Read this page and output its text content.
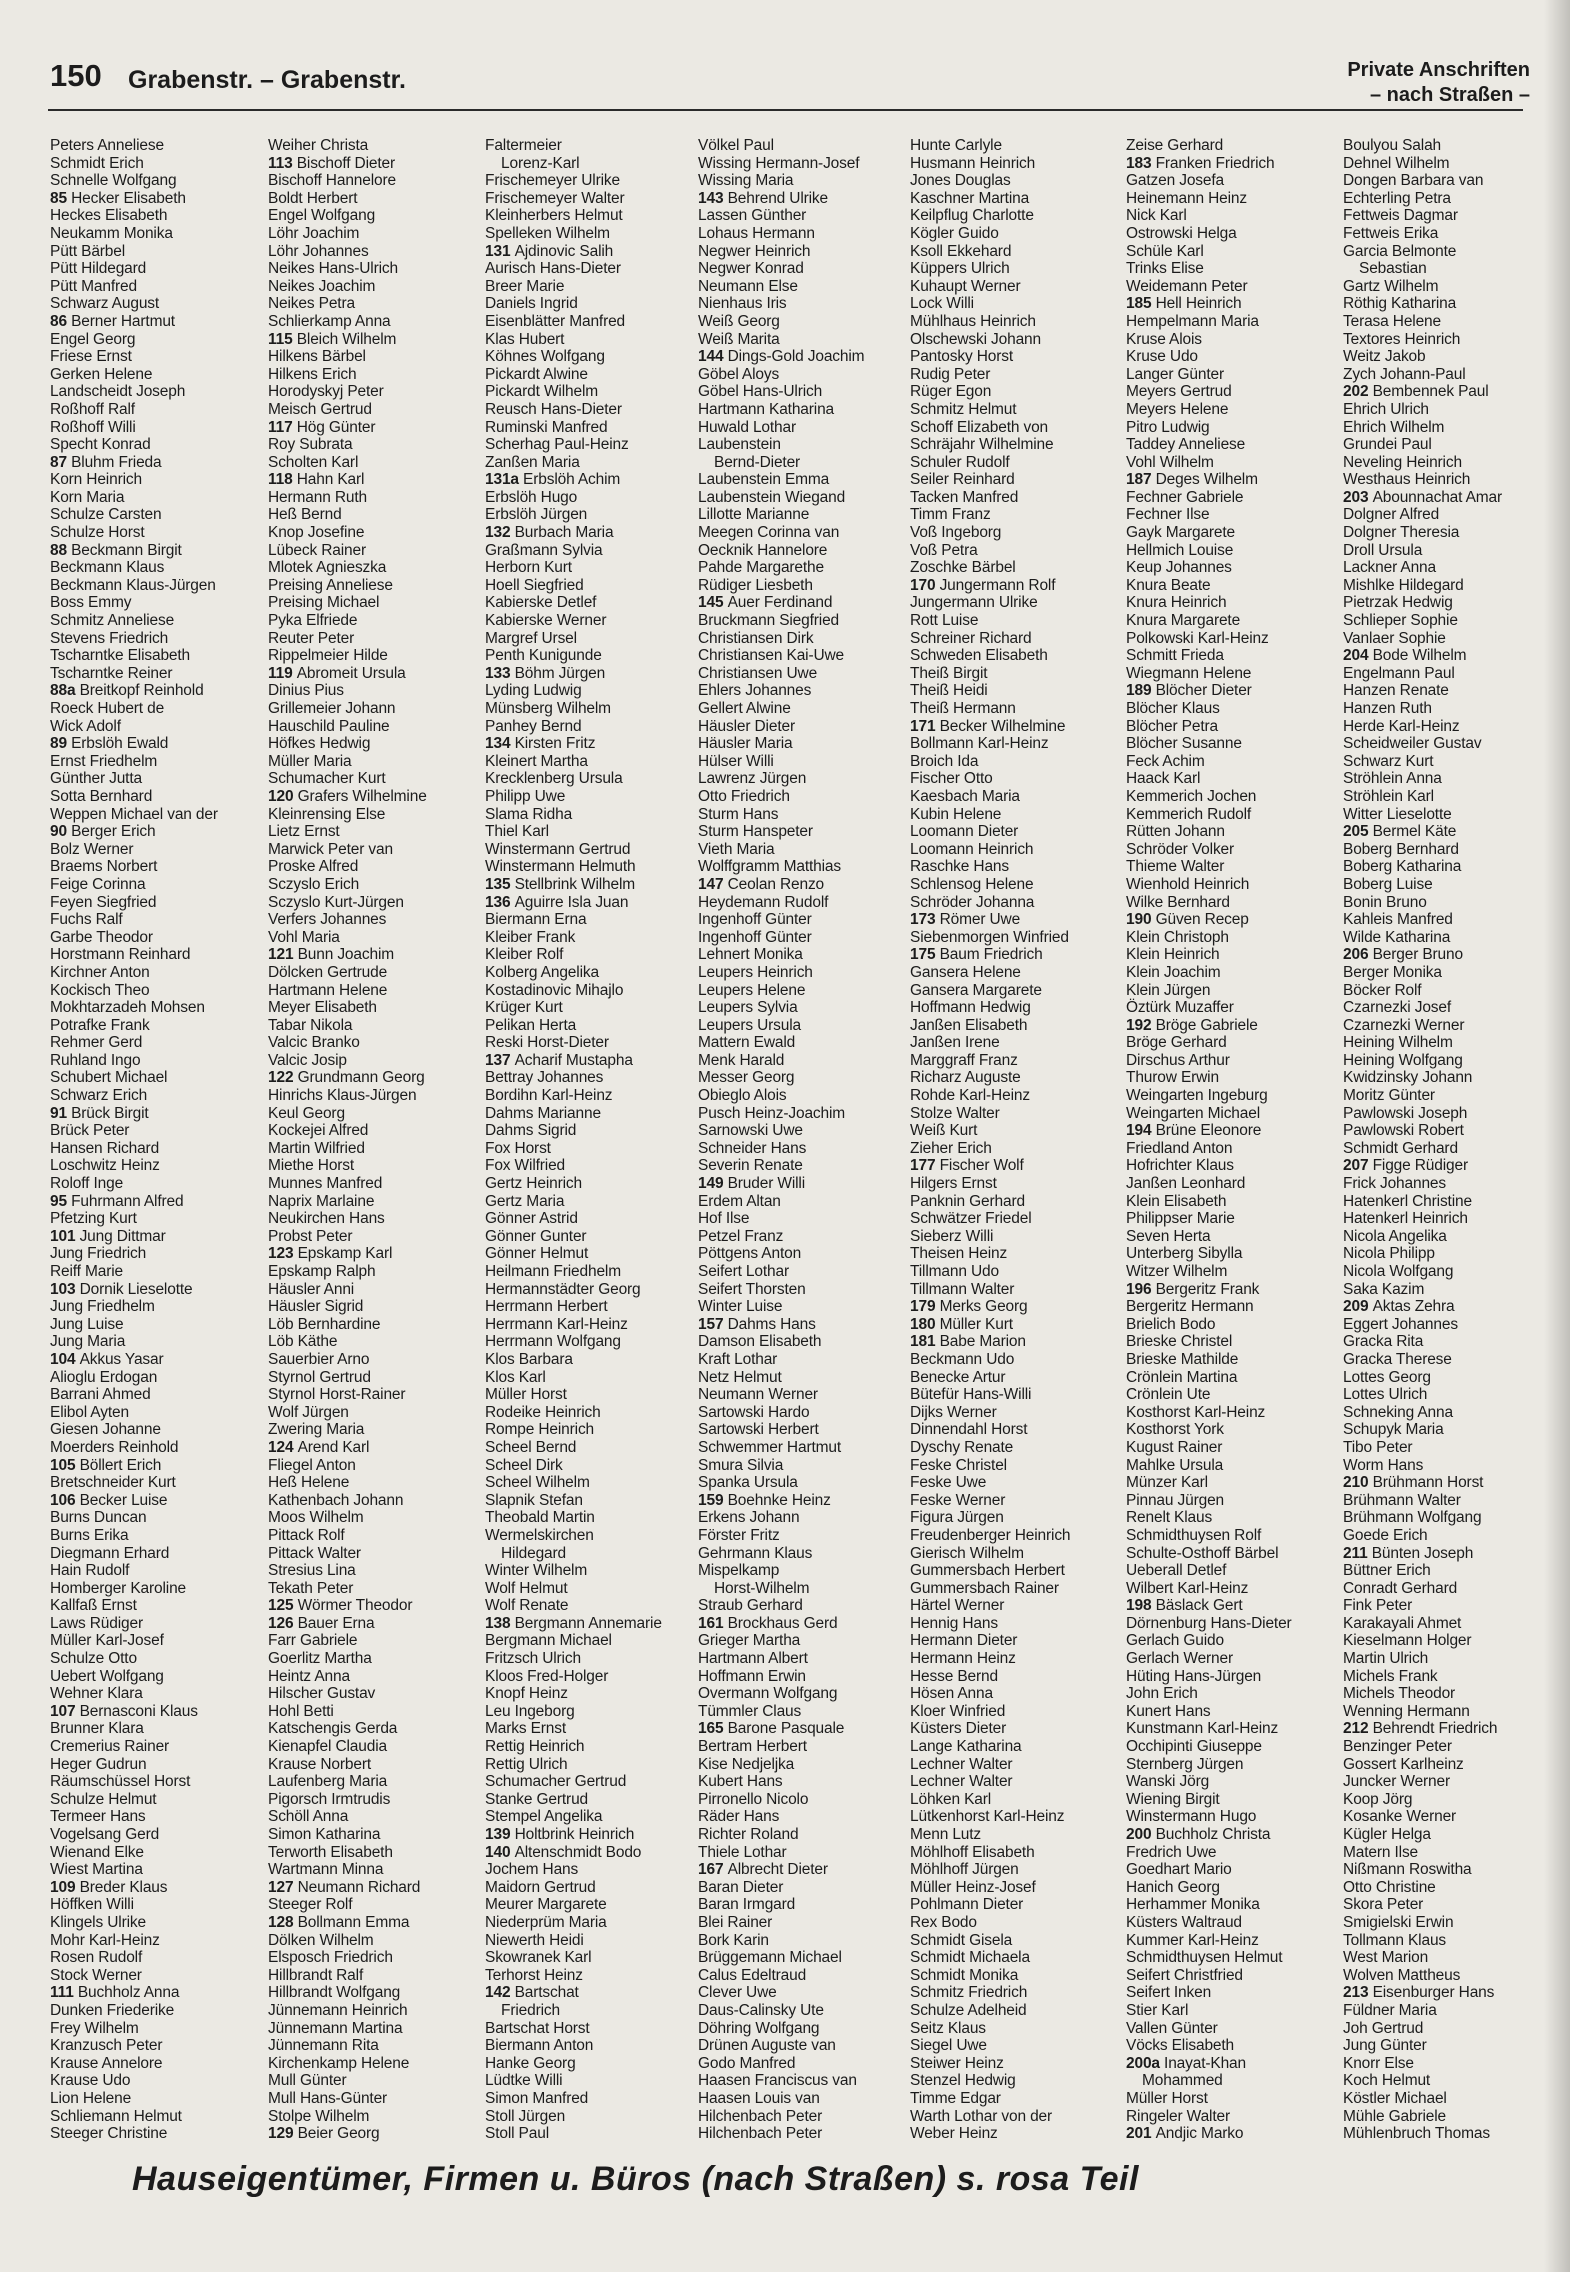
150 Grabenstr. – Grabenstr.	Private Anschriften
– nach Straßen –
Peters Anneliese
Schmidt Erich
Schnelle Wolfgang
85 Hecker Elisabeth
Heckes Elisabeth
Neukamm Monika
Pütt Bärbel
Pütt Hildegard
Pütt Manfred
Schwarz August
86 Berner Hartmut
Engel Georg
Friese Ernst
Gerken Helene
Landscheidt Joseph
Roßhoff Ralf
Roßhoff Willi
Specht Konrad
87 Bluhm Frieda
Korn Heinrich
Korn Maria
Schulze Carsten
Schulze Horst
88 Beckmann Birgit
Beckmann Klaus
Beckmann Klaus-Jürgen
Boss Emmy
Schmitz Anneliese
Stevens Friedrich
Tscharntke Elisabeth
Tscharntke Reiner
88a Breitkopf Reinhold
Roeck Hubert de
Wick Adolf
89 Erbslöh Ewald
Ernst Friedhelm
Günther Jutta
Sotta Bernhard
Weppen Michael van der
90 Berger Erich
Bolz Werner
Braems Norbert
Feige Corinna
Feyen Siegfried
Fuchs Ralf
Garbe Theodor
Horstmann Reinhard
Kirchner Anton
Kockisch Theo
Mokhtarzadeh Mohsen
Potrafke Frank
Rehmer Gerd
Ruhland Ingo
Schubert Michael
Schwarz Erich
91 Brück Birgit
Brück Peter
Hansen Richard
Loschwitz Heinz
Roloff Inge
95 Fuhrmann Alfred
Pfetzing Kurt
101 Jung Dittmar
Jung Friedrich
Reiff Marie
103 Dornik Lieselotte
Jung Friedhelm
Jung Luise
Jung Maria
104 Akkus Yasar
Alioglu Erdogan
Barrani Ahmed
Elibol Ayten
Giesen Johanne
Moerders Reinhold
105 Böllert Erich
Bretschneider Kurt
106 Becker Luise
Burns Duncan
Burns Erika
Diegmann Erhard
Hain Rudolf
Homberger Karoline
Kallfaß Ernst
Laws Rüdiger
Müller Karl-Josef
Schulze Otto
Uebert Wolfgang
Wehner Klara
107 Bernasconi Klaus
Brunner Klara
Cremerius Rainer
Heger Gudrun
Räumschüssel Horst
Schulze Helmut
Termeer Hans
Vogelsang Gerd
Wienand Elke
Wiest Martina
109 Breder Klaus
Höffken Willi
Klingels Ulrike
Mohr Karl-Heinz
Rosen Rudolf
Stock Werner
111 Buchholz Anna
Dunken Friederike
Frey Wilhelm
Kranzusch Peter
Krause Annelore
Krause Udo
Lion Helene
Schliemann Helmut
Steeger Christine
Weiher Christa
113 Bischoff Dieter
Bischoff Hannelore
Boldt Herbert
Engel Wolfgang
Löhr Joachim
Löhr Johannes
Neikes Hans-Ulrich
Neikes Joachim
Neikes Petra
Schlierkamp Anna
115 Bleich Wilhelm
Hilkens Bärbel
Hilkens Erich
Horodyskyj Peter
Meisch Gertrud
117 Hög Günter
Roy Subrata
Scholten Karl
118 Hahn Karl
Hermann Ruth
Heß Bernd
Knop Josefine
Lübeck Rainer
Mlotek Agnieszka
Preising Anneliese
Preising Michael
Pyka Elfriede
Reuter Peter
Rippelmeier Hilde
119 Abromeit Ursula
Dinius Pius
Grillemeier Johann
Hauschild Pauline
Höfkes Hedwig
Müller Maria
Schumacher Kurt
120 Grafers Wilhelmine
Kleinrensing Else
Lietz Ernst
Marwick Peter van
Proske Alfred
Sczyslo Erich
Sczyslo Kurt-Jürgen
Verfers Johannes
Vohl Maria
121 Bunn Joachim
Dölcken Gertrude
Hartmann Helene
Meyer Elisabeth
Tabar Nikola
Valcic Branko
Valcic Josip
122 Grundmann Georg
Hinrichs Klaus-Jürgen
Keul Georg
Kockejei Alfred
Martin Wilfried
Miethe Horst
Munnes Manfred
Naprix Marlaine
Neukirchen Hans
Probst Peter
123 Epskamp Karl
Epskamp Ralph
Häusler Anni
Häusler Sigrid
Löb Bernhardine
Löb Käthe
Sauerbier Arno
Styrnol Gertrud
Styrnol Horst-Rainer
Wolf Jürgen
Zwering Maria
124 Arend Karl
Fliegel Anton
Heß Helene
Kathenbach Johann
Moos Wilhelm
Pittack Rolf
Pittack Walter
Stresius Lina
Tekath Peter
125 Wörmer Theodor
126 Bauer Erna
Farr Gabriele
Goerlitz Martha
Heintz Anna
Hilscher Gustav
Hohl Betti
Katschengis Gerda
Kienapfel Claudia
Krause Norbert
Laufenberg Maria
Pigorsch Irmtrudis
Schöll Anna
Simon Katharina
Terworth Elisabeth
Wartmann Minna
127 Neumann Richard
Steeger Rolf
128 Bollmann Emma
Dölken Wilhelm
Elsposch Friedrich
Hillbrandt Ralf
Hillbrandt Wolfgang
Jünnemann Heinrich
Jünnemann Martina
Jünnemann Rita
Kirchenkamp Helene
Mull Günter
Mull Hans-Günter
Stolpe Wilhelm
129 Beier Georg
Faltermeier
Lorenz-Karl
Frischemeyer Ulrike
Frischemeyer Walter
Kleinherbers Helmut
Spelleken Wilhelm
131 Ajdinovic Salih
Aurisch Hans-Dieter
Breer Marie
Daniels Ingrid
Eisenblätter Manfred
Klas Hubert
Köhnes Wolfgang
Pickardt Alwine
Pickardt Wilhelm
Reusch Hans-Dieter
Ruminski Manfred
Scherhag Paul-Heinz
Zanßen Maria
131a Erbslöh Achim
Erbslöh Hugo
Erbslöh Jürgen
132 Burbach Maria
Graßmann Sylvia
Herborn Kurt
Hoell Siegfried
Kabierske Detlef
Kabierske Werner
Margref Ursel
Penth Kunigunde
133 Böhm Jürgen
Lyding Ludwig
Münsberg Wilhelm
Panhey Bernd
134 Kirsten Fritz
Kleinert Martha
Krecklenberg Ursula
Philipp Uwe
Slama Ridha
Thiel Karl
Winstermann Gertrud
Winstermann Helmuth
135 Stellbrink Wilhelm
136 Aguirre Isla Juan
Biermann Erna
Kleiber Frank
Kleiber Rolf
Kolberg Angelika
Kostadinovic Mihajlo
Krüger Kurt
Pelikan Herta
Reski Horst-Dieter
137 Acharif Mustapha
Bettray Johannes
Bordihn Karl-Heinz
Dahms Marianne
Dahms Sigrid
Fox Horst
Fox Wilfried
Gertz Heinrich
Gertz Maria
Gönner Astrid
Gönner Gunter
Gönner Helmut
Heilmann Friedhelm
Hermannstädter Georg
Herrmann Herbert
Herrmann Karl-Heinz
Herrmann Wolfgang
Klos Barbara
Klos Karl
Müller Horst
Rodeike Heinrich
Rompe Heinrich
Scheel Bernd
Scheel Dirk
Scheel Wilhelm
Slapnik Stefan
Theobald Martin
Wermelskirchen
Hildegard
Winter Wilhelm
Wolf Helmut
Wolf Renate
138 Bergmann Annemarie
Bergmann Michael
Fritzsch Ulrich
Kloos Fred-Holger
Knopf Heinz
Leu Ingeborg
Marks Ernst
Rettig Heinrich
Rettig Ulrich
Schumacher Gertrud
Stanke Gertrud
Stempel Angelika
139 Holtbrink Heinrich
140 Altenschmidt Bodo
Jochem Hans
Maidorn Gertrud
Meurer Margarete
Niederprüm Maria
Niewerth Heidi
Skowranek Karl
Terhorst Heinz
142 Bartschat
Friedrich
Bartschat Horst
Biermann Anton
Hanke Georg
Lüdtke Willi
Simon Manfred
Stoll Jürgen
Stoll Paul
Völkel Paul
Wissing Hermann-Josef
Wissing Maria
143 Behrend Ulrike
Lassen Günther
Lohaus Hermann
Negwer Heinrich
Negwer Konrad
Neumann Else
Nienhaus Iris
Weiß Georg
Weiß Marita
144 Dings-Gold Joachim
Göbel Aloys
Göbel Hans-Ulrich
Hartmann Katharina
Huwald Lothar
Laubenstein
Bernd-Dieter
Laubenstein Emma
Laubenstein Wiegand
Lillotte Marianne
Meegen Corinna van
Oecknik Hannelore
Pahde Margarethe
Rüdiger Liesbeth
145 Auer Ferdinand
Bruckmann Siegfried
Christiansen Dirk
Christiansen Kai-Uwe
Christiansen Uwe
Ehlers Johannes
Gellert Alwine
Häusler Dieter
Häusler Maria
Hülser Willi
Lawrenz Jürgen
Otto Friedrich
Sturm Hans
Sturm Hanspeter
Vieth Maria
Wolffgramm Matthias
147 Ceolan Renzo
Heydemann Rudolf
Ingenhoff Günter
Ingenhoff Günter
Lehnert Monika
Leupers Heinrich
Leupers Helene
Leupers Sylvia
Leupers Ursula
Mattern Ewald
Menk Harald
Messer Georg
Obieglo Alois
Pusch Heinz-Joachim
Sarnowski Uwe
Schneider Hans
Severin Renate
149 Bruder Willi
Erdem Altan
Hof Ilse
Petzel Franz
Pöttgens Anton
Seifert Lothar
Seifert Thorsten
Winter Luise
157 Dahms Hans
Damson Elisabeth
Kraft Lothar
Netz Helmut
Neumann Werner
Sartowski Hardo
Sartowski Herbert
Schwemmer Hartmut
Smura Silvia
Spanka Ursula
159 Boehnke Heinz
Erkens Johann
Förster Fritz
Gehrmann Klaus
Mispelkamp
Horst-Wilhelm
Straub Gerhard
161 Brockhaus Gerd
Grieger Martha
Hartmann Albert
Hoffmann Erwin
Overmann Wolfgang
Tümmler Claus
165 Barone Pasquale
Bertram Herbert
Kise Nedjeljka
Kubert Hans
Pirronello Nicolo
Räder Hans
Richter Roland
Thiele Lothar
167 Albrecht Dieter
Baran Dieter
Baran Irmgard
Blei Rainer
Bork Karin
Brüggemann Michael
Calus Edeltraud
Clever Uwe
Daus-Calinsky Ute
Döhring Wolfgang
Drünen Auguste van
Godo Manfred
Haasen Franciscus van
Haasen Louis van
Hilchenbach Peter
Hilchenbach Peter
Hunte Carlyle
Husmann Heinrich
Jones Douglas
Kaschner Martina
Keilpflug Charlotte
Kögler Guido
Ksoll Ekkehard
Küppers Ulrich
Kuhaupt Werner
Lock Willi
Mühlhaus Heinrich
Olschewski Johann
Pantosky Horst
Rudig Peter
Rüger Egon
Schmitz Helmut
Schoff Elizabeth von
Schräjahr Wilhelmine
Schuler Rudolf
Seiler Reinhard
Tacken Manfred
Timm Franz
Voß Ingeborg
Voß Petra
Zoschke Bärbel
170 Jungermann Rolf
Jungermann Ulrike
Rott Luise
Schreiner Richard
Schweden Elisabeth
Theiß Birgit
Theiß Heidi
Theiß Hermann
171 Becker Wilhelmine
Bollmann Karl-Heinz
Broich Ida
Fischer Otto
Kaesbach Maria
Kubin Helene
Loomann Dieter
Loomann Heinrich
Raschke Hans
Schlensog Helene
Schröder Johanna
173 Römer Uwe
Siebenmorgen Winfried
175 Baum Friedrich
Gansera Helene
Gansera Margarete
Hoffmann Hedwig
Janßen Elisabeth
Janßen Irene
Marggraff Franz
Richarz Auguste
Rohde Karl-Heinz
Stolze Walter
Weiß Kurt
Zieher Erich
177 Fischer Wolf
Hilgers Ernst
Panknin Gerhard
Schwätzer Friedel
Sieberz Willi
Theisen Heinz
Tillmann Udo
Tillmann Walter
179 Merks Georg
180 Müller Kurt
181 Babe Marion
Beckmann Udo
Benecke Artur
Bütefür Hans-Willi
Dijks Werner
Dinnendahl Horst
Dyschy Renate
Feske Christel
Feske Uwe
Feske Werner
Figura Jürgen
Freudenberger Heinrich
Gierisch Wilhelm
Gummersbach Herbert
Gummersbach Rainer
Härtel Werner
Hennig Hans
Hermann Dieter
Hermann Heinz
Hesse Bernd
Hösen Anna
Kloer Winfried
Küsters Dieter
Lange Katharina
Lechner Walter
Lechner Walter
Löhken Karl
Lütkenhorst Karl-Heinz
Menn Lutz
Möhlhoff Elisabeth
Möhlhoff Jürgen
Müller Heinz-Josef
Pohlmann Dieter
Rex Bodo
Schmidt Gisela
Schmidt Michaela
Schmidt Monika
Schmitz Friedrich
Schulze Adelheid
Seitz Klaus
Siegel Uwe
Steiwer Heinz
Stenzel Hedwig
Timme Edgar
Warth Lothar von der
Weber Heinz
Zeise Gerhard
183 Franken Friedrich
Gatzen Josefa
Heinemann Heinz
Nick Karl
Ostrowski Helga
Schüle Karl
Trinks Elise
Weidemann Peter
185 Hell Heinrich
Hempelmann Maria
Kruse Alois
Kruse Udo
Langer Günter
Meyers Gertrud
Meyers Helene
Pitro Ludwig
Taddey Anneliese
Vohl Wilhelm
187 Deges Wilhelm
Fechner Gabriele
Fechner Ilse
Gayk Margarete
Hellmich Louise
Keup Johannes
Knura Beate
Knura Heinrich
Knura Margarete
Polkowski Karl-Heinz
Schmitt Frieda
Wiegmann Helene
189 Blöcher Dieter
Blöcher Klaus
Blöcher Petra
Blöcher Susanne
Feck Achim
Haack Karl
Kemmerich Jochen
Kemmerich Rudolf
Rütten Johann
Schröder Volker
Thieme Walter
Wienhold Heinrich
Wilke Bernhard
190 Güven Recep
Klein Christoph
Klein Heinrich
Klein Joachim
Klein Jürgen
Öztürk Muzaffer
192 Bröge Gabriele
Bröge Gerhard
Dirschus Arthur
Thurow Erwin
Weingarten Ingeburg
Weingarten Michael
194 Brüne Eleonore
Friedland Anton
Hofrichter Klaus
Janßen Leonhard
Klein Elisabeth
Philippser Marie
Seven Herta
Unterberg Sibylla
Witzer Wilhelm
196 Bergeritz Frank
Bergeritz Hermann
Brielich Bodo
Brieske Christel
Brieske Mathilde
Crönlein Martina
Crönlein Ute
Kosthorst Karl-Heinz
Kosthorst York
Kugust Rainer
Mahlke Ursula
Münzer Karl
Pinnau Jürgen
Renelt Klaus
Schmidthuysen Rolf
Schulte-Osthoff Bärbel
Ueberall Detlef
Wilbert Karl-Heinz
198 Bäslack Gert
Dörnenburg Hans-Dieter
Gerlach Guido
Gerlach Werner
Hüting Hans-Jürgen
John Erich
Kunert Hans
Kunstmann Karl-Heinz
Occhipinti Giuseppe
Sternberg Jürgen
Wanski Jörg
Wiening Birgit
Winstermann Hugo
200 Buchholz Christa
Fredrich Uwe
Goedhart Mario
Hanich Georg
Herhammer Monika
Küsters Waltraud
Kummer Karl-Heinz
Schmidthuysen Helmut
Seifert Christfried
Seifert Inken
Stier Karl
Vallen Günter
Vöcks Elisabeth
200a Inayat-Khan
Mohammed
Müller Horst
Ringeler Walter
201 Andjic Marko
Boulyou Salah
Dehnel Wilhelm
Dongen Barbara van
Echterling Petra
Fettweis Dagmar
Fettweis Erika
Garcia Belmonte
Sebastian
Gartz Wilhelm
Röthig Katharina
Terasa Helene
Textores Heinrich
Weitz Jakob
Zych Johann-Paul
202 Bembennek Paul
Ehrich Ulrich
Ehrich Wilhelm
Grundei Paul
Neveling Heinrich
Westhaus Heinrich
203 Abounnachat Amar
Dolgner Alfred
Dolgner Theresia
Droll Ursula
Lackner Anna
Mishlke Hildegard
Pietrzak Hedwig
Schlieper Sophie
Vanlaer Sophie
204 Bode Wilhelm
Engelmann Paul
Hanzen Renate
Hanzen Ruth
Herde Karl-Heinz
Scheidweiler Gustav
Schwarz Kurt
Ströhlein Anna
Ströhlein Karl
Witter Lieselotte
205 Bermel Käte
Boberg Bernhard
Boberg Katharina
Boberg Luise
Bonin Bruno
Kahleis Manfred
Wilde Katharina
206 Berger Bruno
Berger Monika
Böcker Rolf
Czarnezki Josef
Czarnezki Werner
Heining Wilhelm
Heining Wolfgang
Kwidzinsky Johann
Moritz Günter
Pawlowski Joseph
Pawlowski Robert
Schmidt Gerhard
207 Figge Rüdiger
Frick Johannes
Hatenkerl Christine
Hatenkerl Heinrich
Nicola Angelika
Nicola Philipp
Nicola Wolfgang
Saka Kazim
209 Aktas Zehra
Eggert Johannes
Gracka Rita
Gracka Therese
Lottes Georg
Lottes Ulrich
Schneking Anna
Schupyk Maria
Tibo Peter
Worm Hans
210 Brühmann Horst
Brühmann Walter
Brühmann Wolfgang
Goede Erich
211 Bünten Joseph
Büttner Erich
Conradt Gerhard
Fink Peter
Karakayali Ahmet
Kieselmann Holger
Martin Ulrich
Michels Frank
Michels Theodor
Wenning Hermann
212 Behrendt Friedrich
Benzinger Peter
Gossert Karlheinz
Juncker Werner
Koop Jörg
Kosanke Werner
Kügler Helga
Matern Ilse
Nißmann Roswitha
Otto Christine
Skora Peter
Smigielski Erwin
Tollmann Klaus
West Marion
Wolven Mattheus
213 Eisenburger Hans
Füldner Maria
Joh Gertrud
Jung Günter
Knorr Else
Koch Helmut
Köstler Michael
Mühle Gabriele
Mühlenbruch Thomas
Hauseigentümer, Firmen u. Büros (nach Straßen) s. rosa Teil
